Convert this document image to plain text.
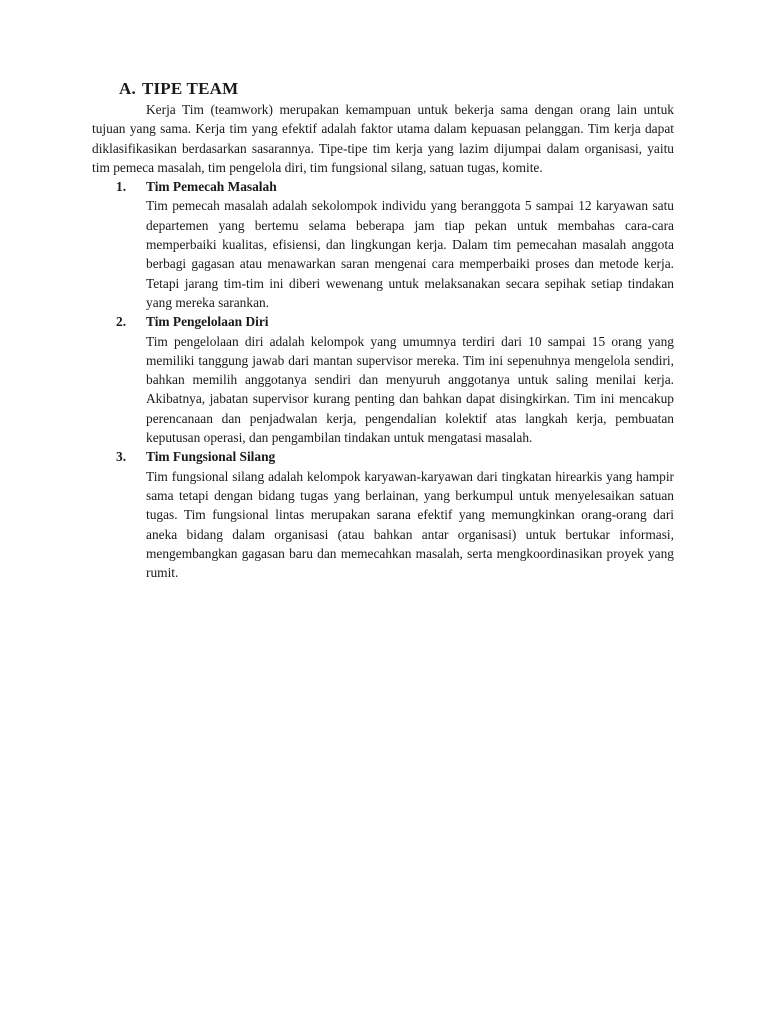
A. TIPE TEAM

Kerja Tim (teamwork) merupakan kemampuan untuk bekerja sama dengan orang lain untuk tujuan yang sama. Kerja tim yang efektif adalah faktor utama dalam kepuasan pelanggan. Tim kerja dapat diklasifikasikan berdasarkan sasarannya. Tipe-tipe tim kerja yang lazim dijumpai dalam organisasi, yaitu tim pemeca masalah, tim pengelola diri, tim fungsional silang, satuan tugas, komite.

1. Tim Pemecah Masalah

Tim pemecah masalah adalah sekolompok individu yang beranggota 5 sampai 12 karyawan satu departemen yang bertemu selama beberapa jam tiap pekan untuk membahas cara-cara memperbaiki kualitas, efisiensi, dan lingkungan kerja. Dalam tim pemecahan masalah anggota berbagi gagasan atau menawarkan saran mengenai cara memperbaiki proses dan metode kerja. Tetapi jarang tim-tim ini diberi wewenang untuk melaksanakan secara sepihak setiap tindakan yang mereka sarankan.

2. Tim Pengelolaan Diri

Tim pengelolaan diri adalah kelompok yang umumnya terdiri dari 10 sampai 15 orang yang memiliki tanggung jawab dari mantan supervisor mereka. Tim ini sepenuhnya mengelola sendiri, bahkan memilih anggotanya sendiri dan menyuruh anggotanya untuk saling menilai kerja. Akibatnya, jabatan supervisor kurang penting dan bahkan dapat disingkirkan. Tim ini mencakup perencanaan dan penjadwalan kerja, pengendalian kolektif atas langkah kerja, pembuatan keputusan operasi, dan pengambilan tindakan untuk mengatasi masalah.

3. Tim Fungsional Silang

Tim fungsional silang adalah kelompok karyawan-karyawan dari tingkatan hirearkis yang hampir sama tetapi dengan bidang tugas yang berlainan, yang berkumpul untuk menyelesaikan satuan tugas. Tim fungsional lintas merupakan sarana efektif yang memungkinkan orang-orang dari aneka bidang dalam organisasi (atau bahkan antar organisasi) untuk bertukar informasi, mengembangkan gagasan baru dan memecahkan masalah, serta mengkoordinasikan proyek yang rumit.
